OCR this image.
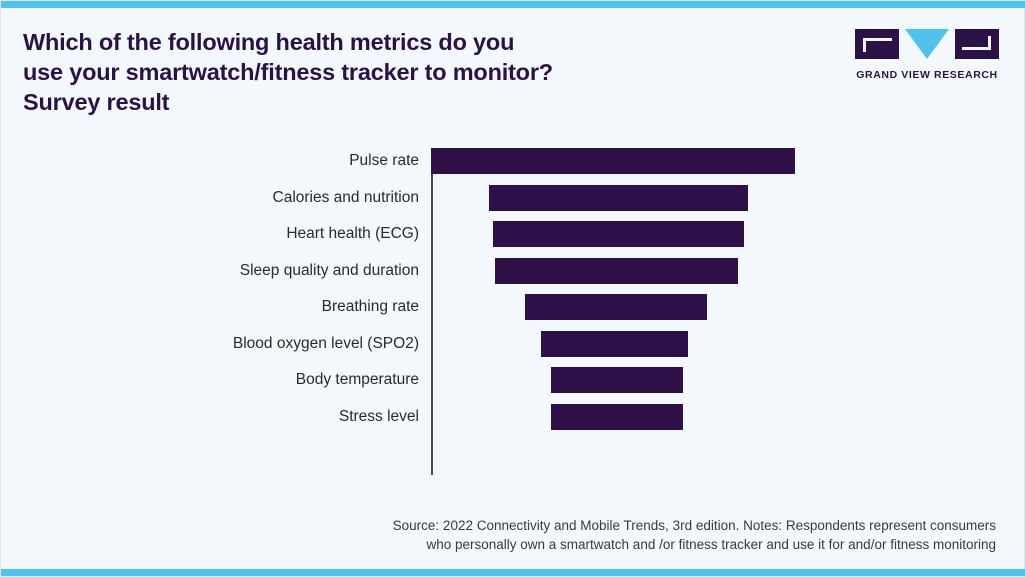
Which of the following health metrics do you
use your smartwatch/fitness tracker to monitor?
Survey result
GRAND VIEW RESEARCH
Pulse rate
Calories and nutrition
Heart health (ECG)
Sleep quality and duration
Breathing rate
Blood oxygen level (SPO2)
Body temperature
Stress level
Source: 2022 Connectivity and Mobile Trends, 3rd edition. Notes: Respondents represent consumers
who personally own a smartwatch and /or fitness tracker and use it for and/or fitness monitoring
